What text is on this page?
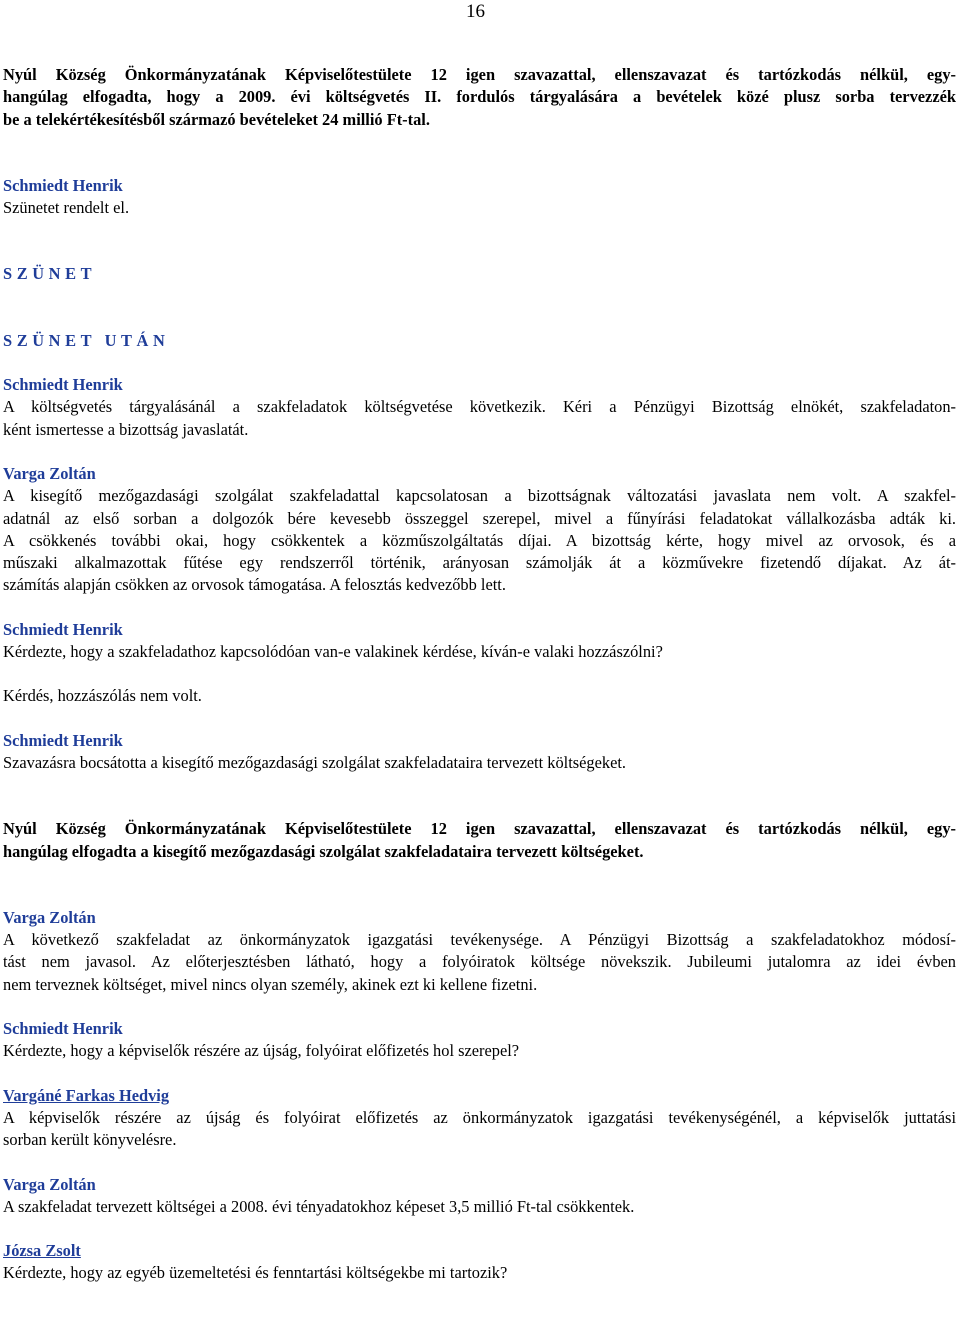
16
Nyúl Község Önkormányzatának Képviselőtestülete 12 igen szavazattal, ellenszavazat és tartózkodás nélkül, egy-
hangúlag elfogadta, hogy a 2009. évi költségvetés II. fordulós tárgyalására a bevételek közé plusz sorba tervezzék
be a telekértékesítésből származó bevételeket 24 millió Ft-tal.
Schmiedt Henrik
Szünetet rendelt el.
SZÜNET
SZÜNET UTÁN
Schmiedt Henrik
A költségvetés tárgyalásánál a szakfeladatok költségvetése következik. Kéri a Pénzügyi Bizottság elnökét, szakfeladaton-
ként ismertesse a bizottság javaslatát.
Varga Zoltán
A kisegítő mezőgazdasági szolgálat szakfeladattal kapcsolatosan a bizottságnak változatási javaslata nem volt. A szakfel-
adatnál az első sorban a dolgozók bére kevesebb összeggel szerepel, mivel a fűnyírási feladatokat vállalkozásba adták ki.
A csökkenés további okai, hogy csökkentek a közműszolgáltatás díjai. A bizottság kérte, hogy mivel az orvosok, és a
műszaki alkalmazottak fűtése egy rendszerről történik, arányosan számolják át a közművekre fizetendő díjakat. Az át-
számítás alapján csökken az orvosok támogatása. A felosztás kedvezőbb lett.
Schmiedt Henrik
Kérdezte, hogy a szakfeladathoz kapcsolódóan van-e valakinek kérdése, kíván-e valaki hozzászólni?
Kérdés, hozzászólás nem volt.
Schmiedt Henrik
Szavazásra bocsátotta a kisegítő mezőgazdasági szolgálat szakfeladataira tervezett költségeket.
Nyúl Község Önkormányzatának Képviselőtestülete 12 igen szavazattal, ellenszavazat és tartózkodás nélkül, egy-
hangúlag elfogadta a kisegítő mezőgazdasági szolgálat szakfeladataira tervezett költségeket.
Varga Zoltán
A következő szakfeladat az önkormányzatok igazgatási tevékenysége. A Pénzügyi Bizottság a szakfeladatokhoz módosí-
tást nem javasol. Az előterjesztésben látható, hogy a folyóiratok költsége növekszik. Jubileumi jutalomra az idei évben
nem terveznek költséget, mivel nincs olyan személy, akinek ezt ki kellene fizetni.
Schmiedt Henrik
Kérdezte, hogy a képviselők részére az újság, folyóirat előfizetés hol szerepel?
Vargáné Farkas Hedvig
A képviselők részére az újság és folyóirat előfizetés az önkormányzatok igazgatási tevékenységénél, a képviselők juttatási
sorban került könyvelésre.
Varga Zoltán
A szakfeladat tervezett költségei a 2008. évi tényadatokhoz képeset 3,5 millió Ft-tal csökkentek.
Józsa Zsolt
Kérdezte, hogy az egyéb üzemeltetési és fenntartási költségekbe mi tartozik?
